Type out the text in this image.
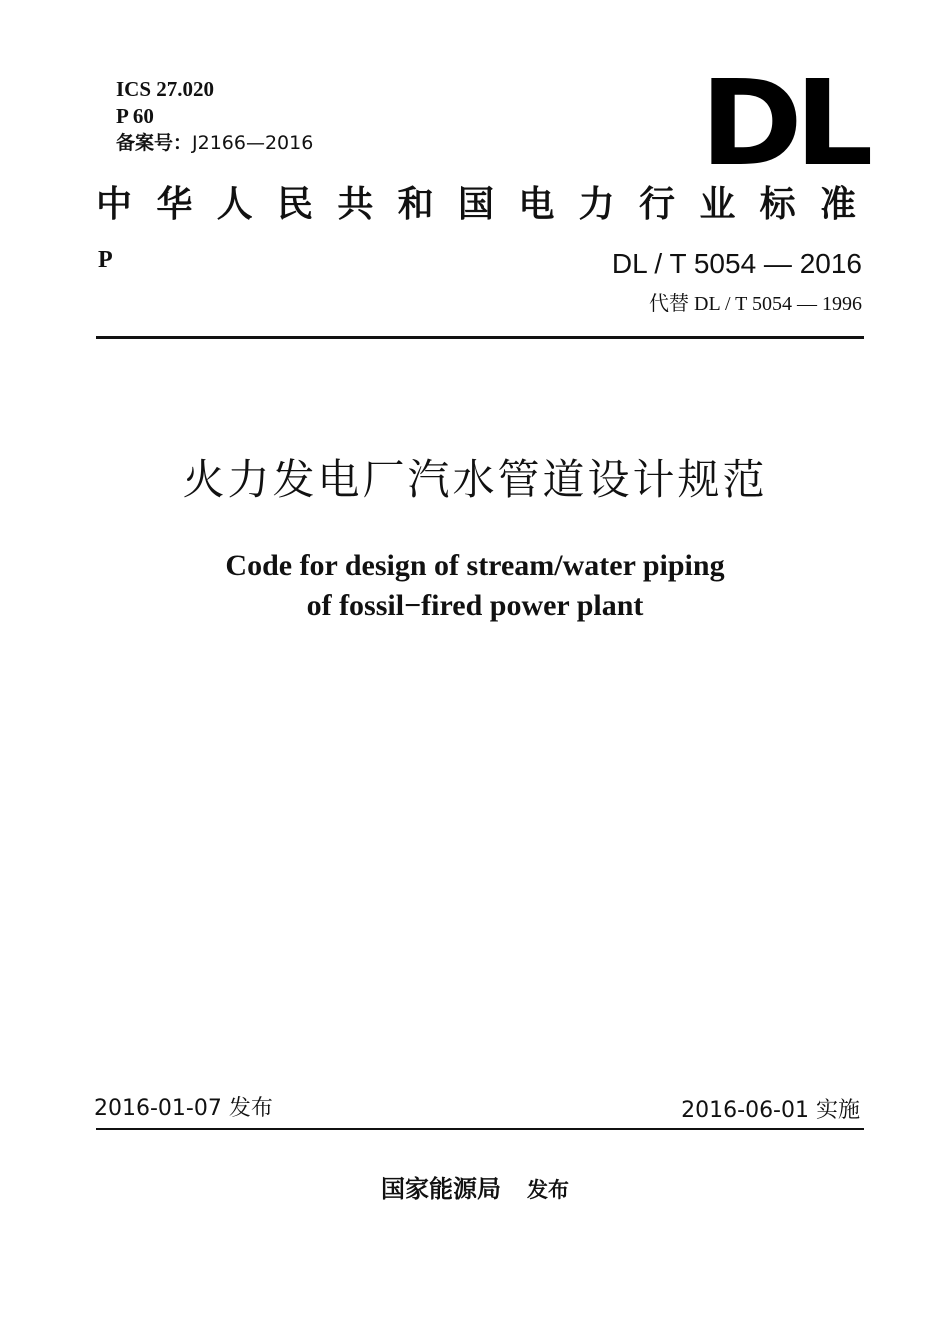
ICS 27.020
P 60
备案号：J2166—2016	DL
中华人民共和国电力行业标准
P	DL / T 5054 — 2016
代替 DL / T 5054 — 1996
火力发电厂汽水管道设计规范
Code for design of stream/water piping
of fossil−fired power plant
2016-01-07 发布	2016-06-01 实施
国家能源局 发布
